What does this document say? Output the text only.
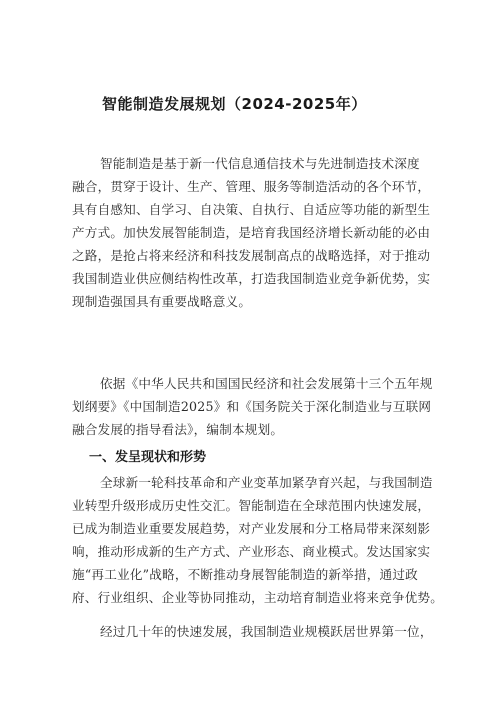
智能制造发展规划（2024-2025年）
智能制造是基于新一代信息通信技术与先进制造技术深度
融合，贯穿于设计、生产、管理、服务等制造活动的各个环节，
具有自感知、自学习、自决策、自执行、自适应等功能的新型生
产方式。加快发展智能制造，是培育我国经济增长新动能的必由
之路，是抢占将来经济和科技发展制高点的战略选择，对于推动
我国制造业供应侧结构性改革，打造我国制造业竞争新优势，实
现制造强国具有重要战略意义。
依据《中华人民共和国国民经济和社会发展第十三个五年规
划纲要》《中国制造2025》和《国务院关于深化制造业与互联网
融合发展的指导看法》，编制本规划。
一、发呈现状和形势
全球新一轮科技革命和产业变革加紧孕育兴起，与我国制造
业转型升级形成历史性交汇。智能制造在全球范围内快速发展，
已成为制造业重要发展趋势，对产业发展和分工格局带来深刻影
响，推动形成新的生产方式、产业形态、商业模式。发达国家实
施“再工业化”战略，不断推动身展智能制造的新举措，通过政
府、行业组织、企业等协同推动，主动培育制造业将来竞争优势。
经过几十年的快速发展，我国制造业规模跃居世界第一位，
